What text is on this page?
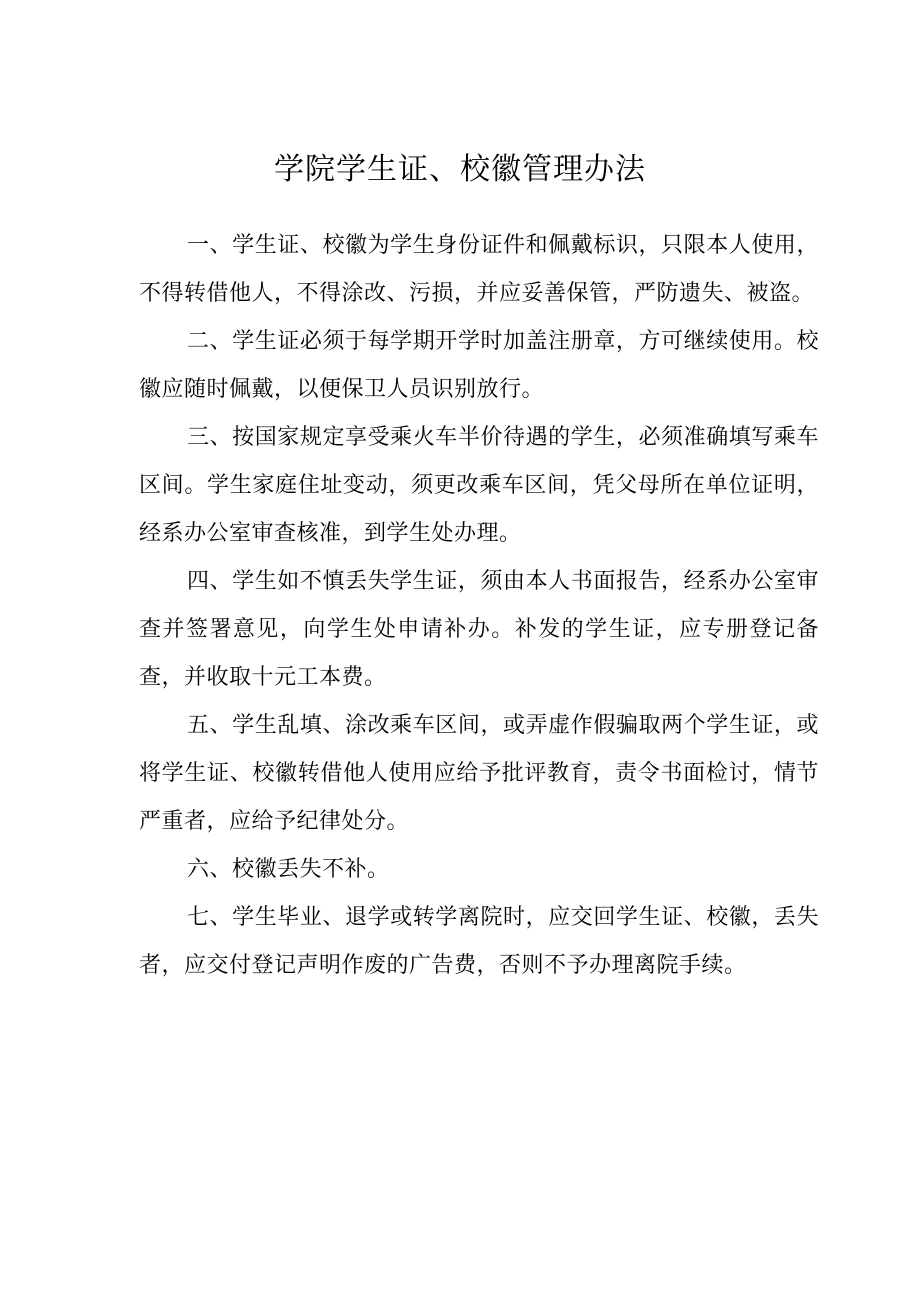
学院学生证、校徽管理办法

一、学生证、校徽为学生身份证件和佩戴标识，只限本人使用，不得转借他人，不得涂改、污损，并应妥善保管，严防遗失、被盗。

二、学生证必须于每学期开学时加盖注册章，方可继续使用。校徽应随时佩戴，以便保卫人员识别放行。

三、按国家规定享受乘火车半价待遇的学生，必须准确填写乘车区间。学生家庭住址变动，须更改乘车区间，凭父母所在单位证明，经系办公室审查核准，到学生处办理。

四、学生如不慎丢失学生证，须由本人书面报告，经系办公室审查并签署意见，向学生处申请补办。补发的学生证，应专册登记备查，并收取十元工本费。

五、学生乱填、涂改乘车区间，或弄虚作假骗取两个学生证，或将学生证、校徽转借他人使用应给予批评教育，责令书面检讨，情节严重者，应给予纪律处分。

六、校徽丢失不补。

七、学生毕业、退学或转学离院时，应交回学生证、校徽，丢失者，应交付登记声明作废的广告费，否则不予办理离院手续。
